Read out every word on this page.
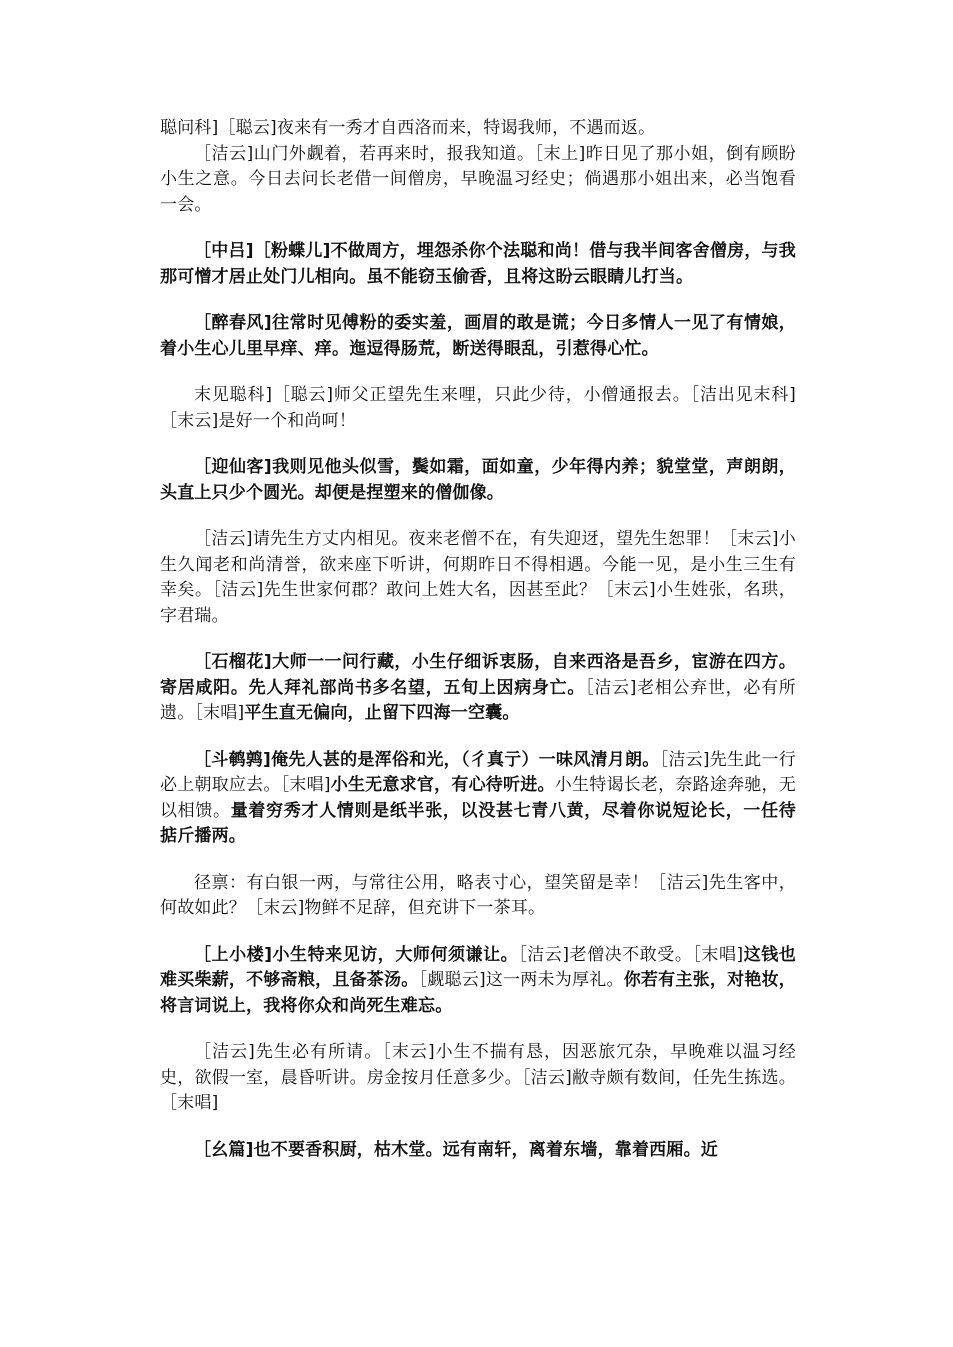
聪问科]［聪云]夜来有一秀才自西洛而来，特谒我师，不遇而返。

［洁云]山门外觑着，若再来时，报我知道。［末上]昨日见了那小姐，倒有顾盼小生之意。今日去问长老借一间僧房，早晚温习经史；倘遇那小姐出来，必当饱看一会。

［中吕]［粉蝶儿]不做周方，埋怨杀你个法聪和尚！借与我半间客舍僧房，与我那可憎才居止处门儿相向。虽不能窃玉偷香，且将这盼云眼睛儿打当。

［醉春风]往常时见傅粉的委实羞，画眉的敢是谎；今日多情人一见了有情娘，着小生心儿里早痒、痒。迤逗得肠荒，断送得眼乱，引惹得心忙。

末见聪科]［聪云]师父正望先生来哩，只此少待，小僧通报去。［洁出见末科]［末云]是好一个和尚呵！

［迎仙客]我则见他头似雪，鬓如霜，面如童，少年得内养；貌堂堂，声朗朗，头直上只少个圆光。却便是捏塑来的僧伽像。

［洁云]请先生方丈内相见。夜来老僧不在，有失迎迓，望先生恕罪！［末云]小生久闻老和尚清誉，欲来座下听讲，何期昨日不得相遇。今能一见，是小生三生有幸矣。［洁云]先生世家何郡？敢问上姓大名，因甚至此？［末云]小生姓张，名珙，字君瑞。

［石榴花]大师一一问行藏，小生仔细诉衷肠，自来西洛是吾乡，宦游在四方。寄居咸阳。先人拜礼部尚书多名望，五旬上因病身亡。［洁云]老相公弃世，必有所遗。［末唱]平生直无偏向，止留下四海一空囊。

［斗鹌鹑]俺先人甚的是浑俗和光，（彳真亍）一味风清月朗。［洁云]先生此一行必上朝取应去。［末唱]小生无意求官，有心待听进。小生特谒长老，奈路途奔驰，无以相馈。量着穷秀才人情则是纸半张，以没甚七青八黄，尽着你说短论长，一任待掂斤播两。

径禀：有白银一两，与常往公用，略表寸心，望笑留是幸！［洁云]先生客中，何故如此？［末云]物鲜不足辞，但充讲下一茶耳。

［上小楼]小生特来见访，大师何须谦让。［洁云]老僧决不敢受。［末唱]这钱也难买柴薪，不够斋粮，且备茶汤。［觑聪云]这一两未为厚礼。你若有主张，对艳妆，将言词说上，我将你众和尚死生难忘。

［洁云]先生必有所请。［末云]小生不揣有恳，因恶旅冗杂，早晚难以温习经史，欲假一室，晨昏听讲。房金按月任意多少。［洁云]敝寺颇有数间，任先生拣选。［末唱]

［幺篇]也不要香积厨，枯木堂。远有南轩，离着东墙，靠着西厢。近
